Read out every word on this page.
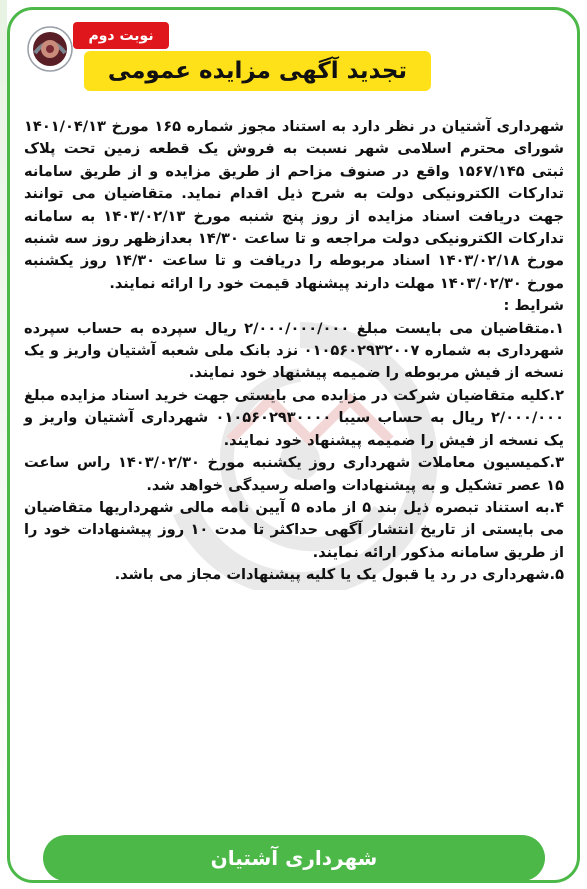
نوبت دوم
تجدید آگهی مزایده عمومی

شهرداری آشتیان در نظر دارد به استناد مجوز شماره ۱۶۵ مورخ ۱۴۰۱/۰۴/۱۳ شورای محترم اسلامی شهر نسبت به فروش یک قطعه زمین تحت پلاک ثبتی ۱۵۶۷/۱۴۵ واقع در صنوف مزاحم از طریق مزایده و از طریق سامانه تدارکات الکترونیکی دولت به شرح ذیل اقدام نماید. متقاضیان می توانند جهت دریافت اسناد مزایده از روز پنج شنبه مورخ ۱۴۰۳/۰۲/۱۳ به سامانه تدارکات الکترونیکی دولت مراجعه و تا ساعت ۱۴/۳۰ بعدازظهر روز سه شنبه مورخ ۱۴۰۳/۰۲/۱۸ اسناد مربوطه را دریافت و تا ساعت ۱۴/۳۰ روز یکشنبه مورخ ۱۴۰۳/۰۲/۳۰ مهلت دارند پیشنهاد قیمت خود را ارائه نمایند.

شرایط :

۱.متقاضیان می بایست مبلغ ۲/۰۰۰/۰۰۰/۰۰۰ ریال سپرده به حساب سپرده شهرداری به شماره ۰۱۰۵۶۰۲۹۳۲۰۰۷ نزد بانک ملی شعبه آشتیان واریز و یک نسخه از فیش مربوطه را ضمیمه پیشنهاد خود نمایند.

۲.کلیه متقاضیان شرکت در مزایده می بایستی جهت خرید اسناد مزایده مبلغ ۲/۰۰۰/۰۰۰ ریال به حساب سیبا ۰۱۰۵۶۰۲۹۳۰۰۰۰ شهرداری آشتیان واریز و یک نسخه از فیش را ضمیمه پیشنهاد خود نمایند.

۳.کمیسیون معاملات شهرداری روز یکشنبه مورخ ۱۴۰۳/۰۲/۳۰ راس ساعت ۱۵ عصر تشکیل و به پیشنهادات واصله رسیدگی خواهد شد.

۴.به استناد تبصره ذیل بند ۵ از ماده ۵ آیین نامه مالی شهرداریها متقاضیان می بایستی از تاریخ انتشار آگهی حداکثر تا مدت ۱۰ روز پیشنهادات خود را از طریق سامانه مذکور ارائه نمایند.

۵.شهرداری در رد یا قبول یک یا کلیه پیشنهادات مجاز می باشد.

شهرداری آشتیان
